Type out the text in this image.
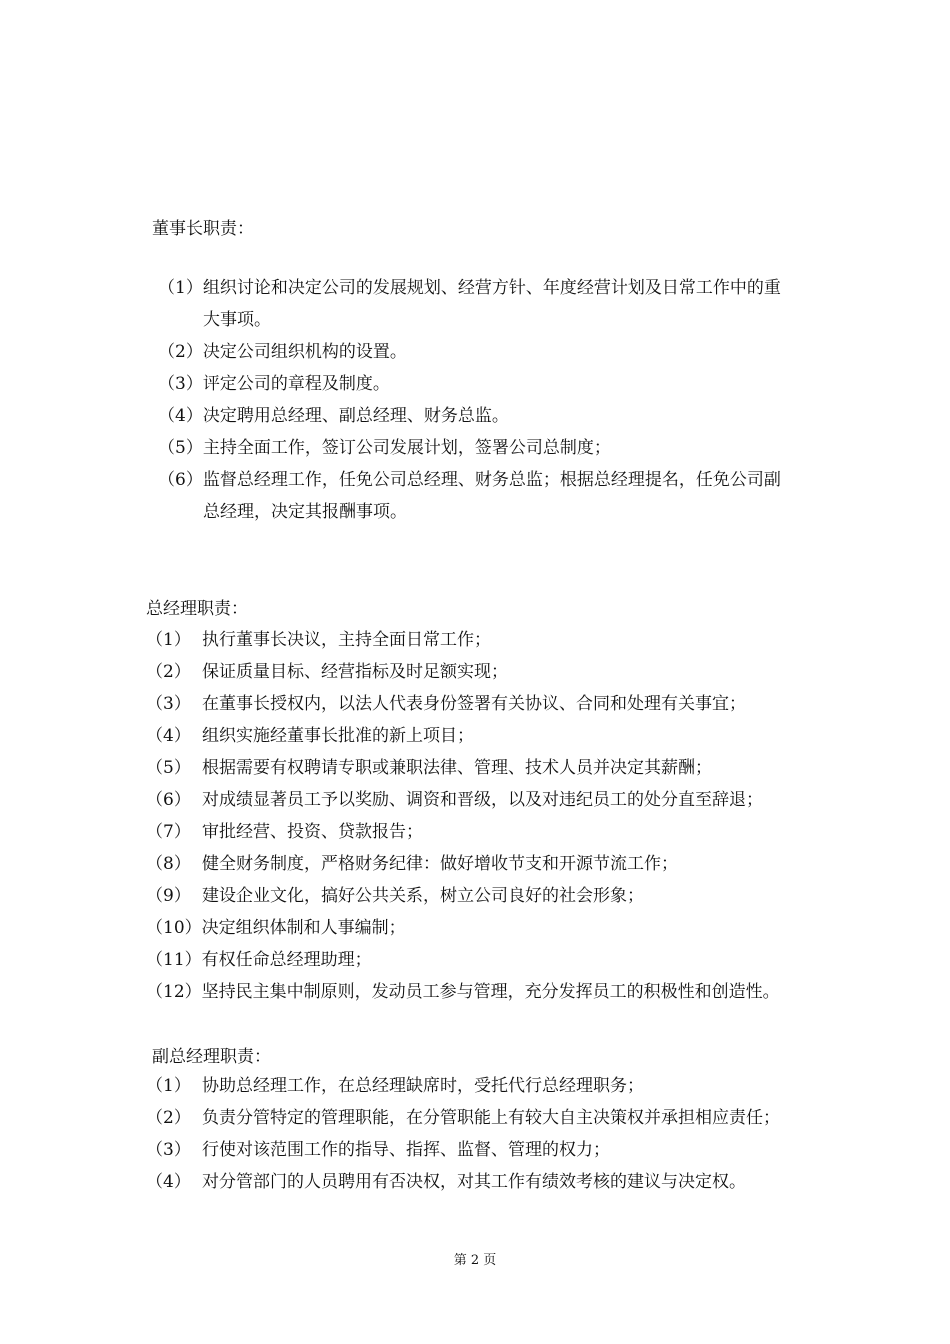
董事长职责：
（1）组织讨论和决定公司的发展规划、经营方针、年度经营计划及日常工作中的重
大事项。
（2）决定公司组织机构的设置。
（3）评定公司的章程及制度。
（4）决定聘用总经理、副总经理、财务总监。
（5）主持全面工作，签订公司发展计划，签署公司总制度；
（6）监督总经理工作，任免公司总经理、财务总监；根据总经理提名，任免公司副
总经理，决定其报酬事项。
总经理职责：
（1） 执行董事长决议，主持全面日常工作；
（2） 保证质量目标、经营指标及时足额实现；
（3） 在董事长授权内，以法人代表身份签署有关协议、合同和处理有关事宜；
（4） 组织实施经董事长批准的新上项目；
（5） 根据需要有权聘请专职或兼职法律、管理、技术人员并决定其薪酬；
（6） 对成绩显著员工予以奖励、调资和晋级，以及对违纪员工的处分直至辞退；
（7） 审批经营、投资、贷款报告；
（8） 健全财务制度，严格财务纪律：做好增收节支和开源节流工作；
（9） 建设企业文化，搞好公共关系，树立公司良好的社会形象；
（10）决定组织体制和人事编制；
（11）有权任命总经理助理；
（12）坚持民主集中制原则，发动员工参与管理，充分发挥员工的积极性和创造性。
副总经理职责：
（1） 协助总经理工作，在总经理缺席时，受托代行总经理职务；
（2） 负责分管特定的管理职能，在分管职能上有较大自主决策权并承担相应责任；
（3） 行使对该范围工作的指导、指挥、监督、管理的权力；
（4） 对分管部门的人员聘用有否决权，对其工作有绩效考核的建议与决定权。
第 2 页
